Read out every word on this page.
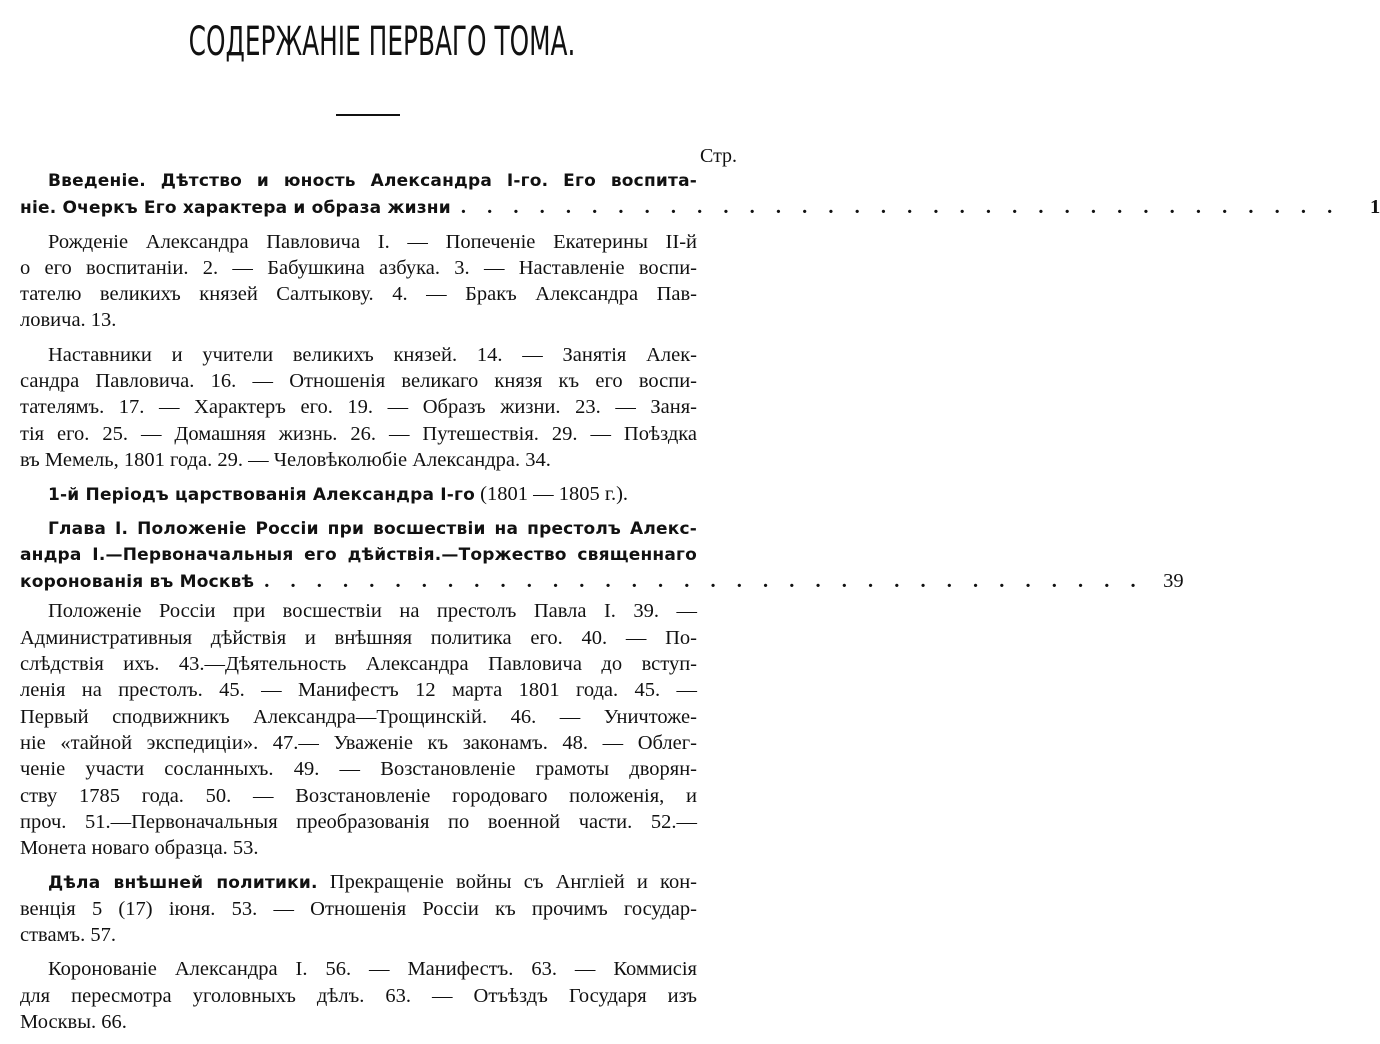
СОДЕРЖАНІЕ ПЕРВАГО ТОМА.
Стр.
Введеніе. Дѣтство и юность Александра I-го. Его воспита-
ніе. Очеркъ Его характера и образа жизни . . . . . . . . . . . . . . . . . . . . . . . . . . . . . . . . . .	1
Рожденіе Александра Павловича I. — Попеченіе Екатерины II-й
о его воспитаніи. 2. — Бабушкина азбука. 3. — Наставленіе воспи-
тателю великихъ князей Салтыкову. 4. — Бракъ Александра Пав-
ловича. 13.
Наставники и учители великихъ князей. 14. — Занятія Алек-
сандра Павловича. 16. — Отношенія великаго князя къ его воспи-
тателямъ. 17. — Характеръ его. 19. — Образъ жизни. 23. — Заня-
тія его. 25. — Домашняя жизнь. 26. — Путешествія. 29. — Поѣздка
въ Мемель, 1801 года. 29. — Человѣколюбіе Александра. 34.
1-й Періодъ царствованія Александра I-го (1801 — 1805 г.).
Глава I. Положеніе Россіи при восшествіи на престолъ Алекс-
андра I.—Первоначальныя его дѣйствія.—Торжество священнаго
коронованія въ Москвѣ . . . . . . . . . . . . . . . . . . . . . . . . . . . . . . . . . . 39
Положеніе Россіи при восшествіи на престолъ Павла I. 39. —
Административныя дѣйствія и внѣшняя политика его. 40. — По-
слѣдствія ихъ. 43.—Дѣятельность Александра Павловича до вступ-
ленія на престолъ. 45. — Манифестъ 12 марта 1801 года. 45. —
Первый сподвижникъ Александра—Трощинскій. 46. — Уничтоже-
ніе «тайной экспедиціи». 47.— Уваженіе къ законамъ. 48. — Облег-
ченіе участи сосланныхъ. 49. — Возстановленіе грамоты дворян-
ству 1785 года. 50. — Возстановленіе городоваго положенія, и
проч. 51.—Первоначальныя преобразованія по военной части. 52.—
Монета новаго образца. 53.
Дѣла внѣшней политики. Прекращеніе войны съ Англіей и кон-
венція 5 (17) іюня. 53. — Отношенія Россіи къ прочимъ государ-
ствамъ. 57.
Коронованіе Александра I. 56. — Манифестъ. 63. — Коммисія
для пересмотра уголовныхъ дѣлъ. 63. — Отъѣздъ Государя изъ
Москвы. 66.
